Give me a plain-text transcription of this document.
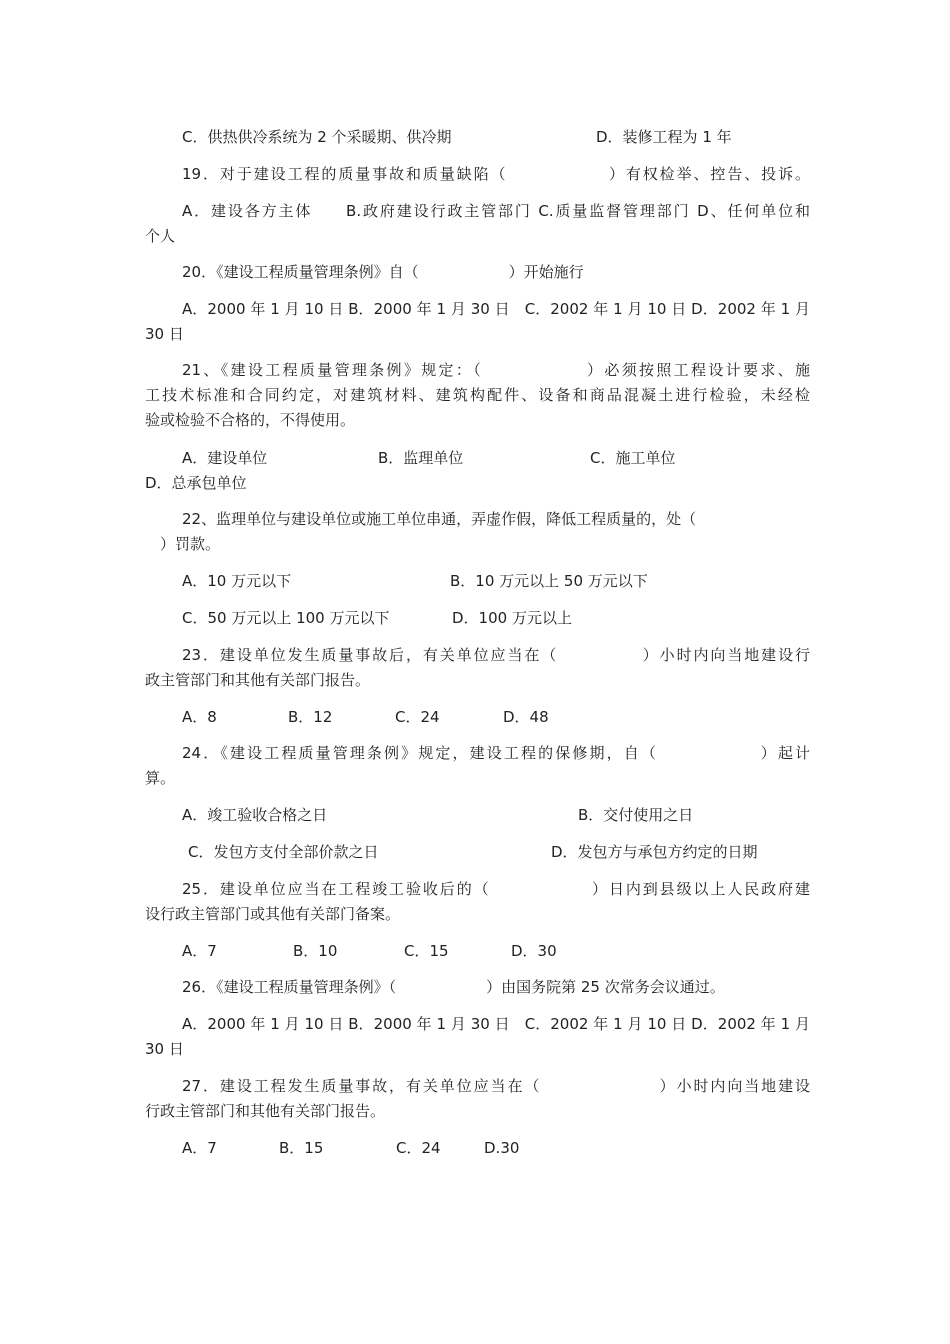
C．供热供冷系统为 2 个采暖期、供冷期	D．装修工程为 1 年
19．对于建设工程的质量事故和质量缺陷（　　　　　　）有权检举、控告、投诉。
A．建设各方主体　　B.政府建设行政主管部门 C.质量监督管理部门 D、任何单位和
个人
20．《建设工程质量管理条例》自（　　　　　　）开始施行
A．2000 年 1 月 10 日 B．2000 年 1 月 30 日　C．2002 年 1 月 10 日 D．2002 年 1 月
30 日
21、《建设工程质量管理条例》规定：（　　　　　　）必须按照工程设计要求、施
工技术标准和合同约定，对建筑材料、建筑构配件、设备和商品混凝土进行检验，未经检
验或检验不合格的，不得使用。
A．建设单位	B．监理单位	C．施工单位
D．总承包单位
22、监理单位与建设单位或施工单位串通，弄虚作假，降低工程质量的，处（
）罚款。
A．10 万元以下	B．10 万元以上 50 万元以下
C．50 万元以上 100 万元以下	D．100 万元以上
23．建设单位发生质量事故后，有关单位应当在（　　　　　）小时内向当地建设行
政主管部门和其他有关部门报告。
A．8	B．12	C．24	D．48
24．《建设工程质量管理条例》规定，建设工程的保修期，自（　　　　　　）起计
算。
A．竣工验收合格之日	B．交付使用之日
C．发包方支付全部价款之日	D．发包方与承包方约定的日期
25．建设单位应当在工程竣工验收后的（　　　　　　）日内到县级以上人民政府建
设行政主管部门或其他有关部门备案。
A．7	B．10	C．15	D．30
26．《建设工程质量管理条例》（　　　　　　）由国务院第 25 次常务会议通过。
A．2000 年 1 月 10 日 B．2000 年 1 月 30 日　C．2002 年 1 月 10 日 D．2002 年 1 月
30 日
27．建设工程发生质量事故，有关单位应当在（　　　　　　　）小时内向当地建设
行政主管部门和其他有关部门报告。
A．7	B．15	C．24	D.30
